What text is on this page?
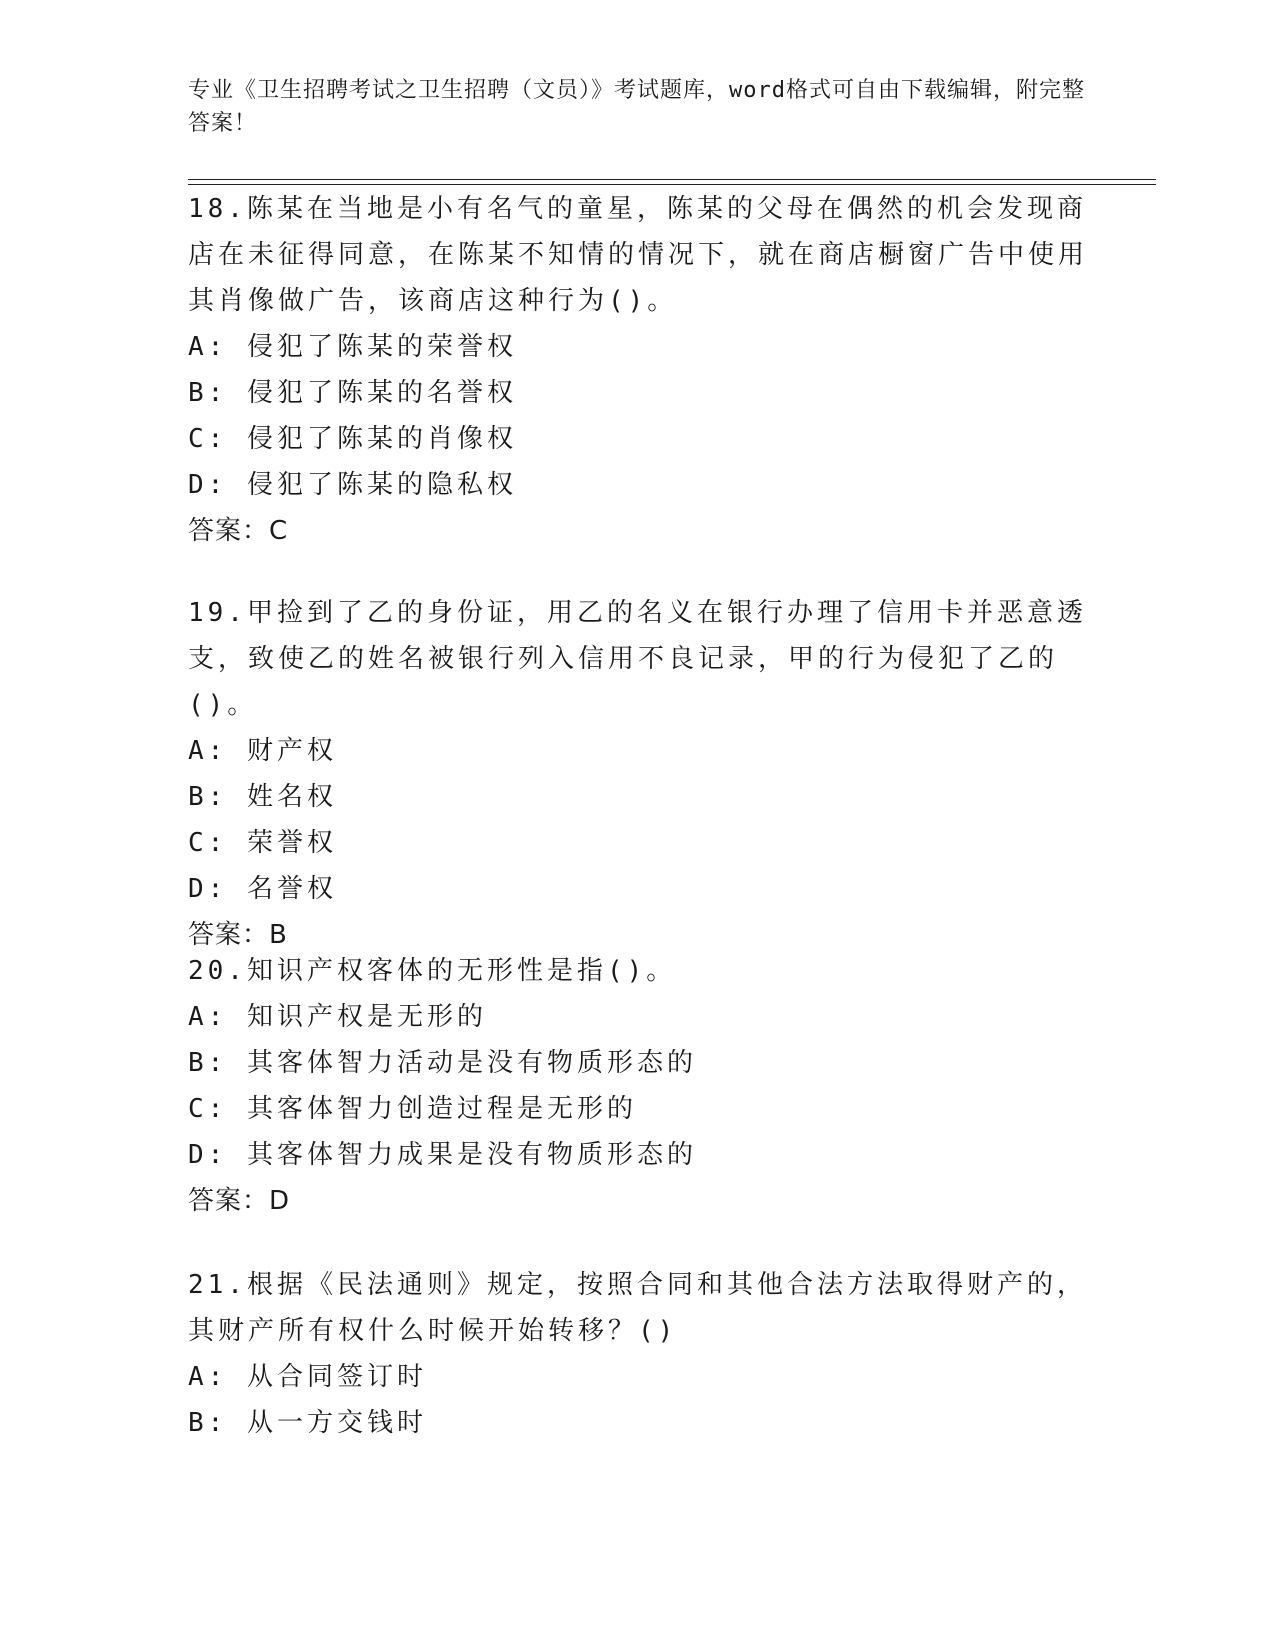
专业《卫生招聘考试之卫生招聘（文员）》考试题库，word格式可自由下载编辑，附完整答案！

18.陈某在当地是小有名气的童星，陈某的父母在偶然的机会发现商店在未征得同意，在陈某不知情的情况下，就在商店橱窗广告中使用其肖像做广告，该商店这种行为()。

A: 侵犯了陈某的荣誉权

B: 侵犯了陈某的名誉权

C: 侵犯了陈某的肖像权

D: 侵犯了陈某的隐私权

答案：C

19.甲捡到了乙的身份证，用乙的名义在银行办理了信用卡并恶意透支，致使乙的姓名被银行列入信用不良记录，甲的行为侵犯了乙的()。

A: 财产权

B: 姓名权

C: 荣誉权

D: 名誉权

答案：B

20.知识产权客体的无形性是指()。

A: 知识产权是无形的

B: 其客体智力活动是没有物质形态的

C: 其客体智力创造过程是无形的

D: 其客体智力成果是没有物质形态的

答案：D

21.根据《民法通则》规定，按照合同和其他合法方法取得财产的，其财产所有权什么时候开始转移？()

A: 从合同签订时

B: 从一方交钱时
